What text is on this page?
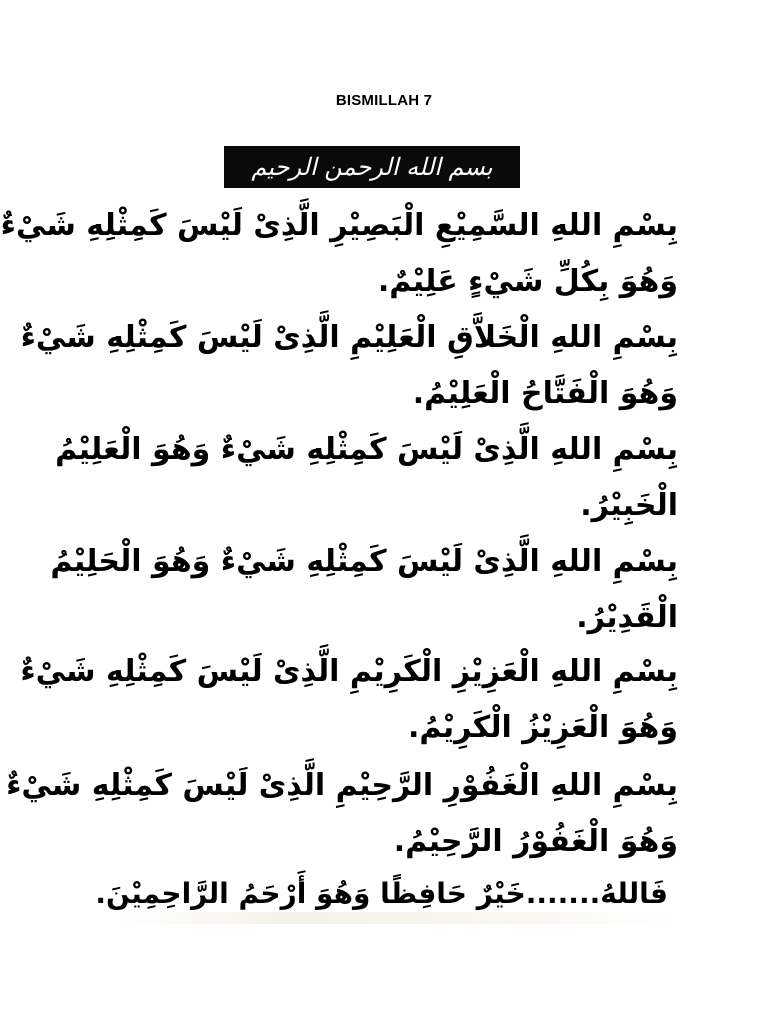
BISMILLAH 7
بسم الله الرحمن الرحيم
بِسْمِ اللهِ السَّمِيْعِ الْبَصِيْرِ الَّذِىْ لَيْسَ كَمِثْلِهِ شَيْءٌ
وَهُوَ بِكُلِّ شَيْءٍ عَلِيْمٌ.
بِسْمِ اللهِ الْخَلاَّقِ الْعَلِيْمِ الَّذِىْ لَيْسَ كَمِثْلِهِ شَيْءٌ
وَهُوَ الْفَتَّاحُ الْعَلِيْمُ.
بِسْمِ اللهِ الَّذِىْ لَيْسَ كَمِثْلِهِ شَيْءٌ وَهُوَ الْعَلِيْمُ
الْخَبِيْرُ.
بِسْمِ اللهِ الَّذِىْ لَيْسَ كَمِثْلِهِ شَيْءٌ وَهُوَ الْحَلِيْمُ
الْقَدِيْرُ.
بِسْمِ اللهِ الْعَزِيْزِ الْكَرِيْمِ الَّذِىْ لَيْسَ كَمِثْلِهِ شَيْءٌ
وَهُوَ الْعَزِيْزُ الْكَرِيْمُ.
بِسْمِ اللهِ الْغَفُوْرِ الرَّحِيْمِ الَّذِىْ لَيْسَ كَمِثْلِهِ شَيْءٌ
وَهُوَ الْغَفُوْرُ الرَّحِيْمُ.
فَاللهُ.......خَيْرٌ حَافِظًا وَهُوَ أَرْحَمُ الرَّاحِمِيْنَ.
